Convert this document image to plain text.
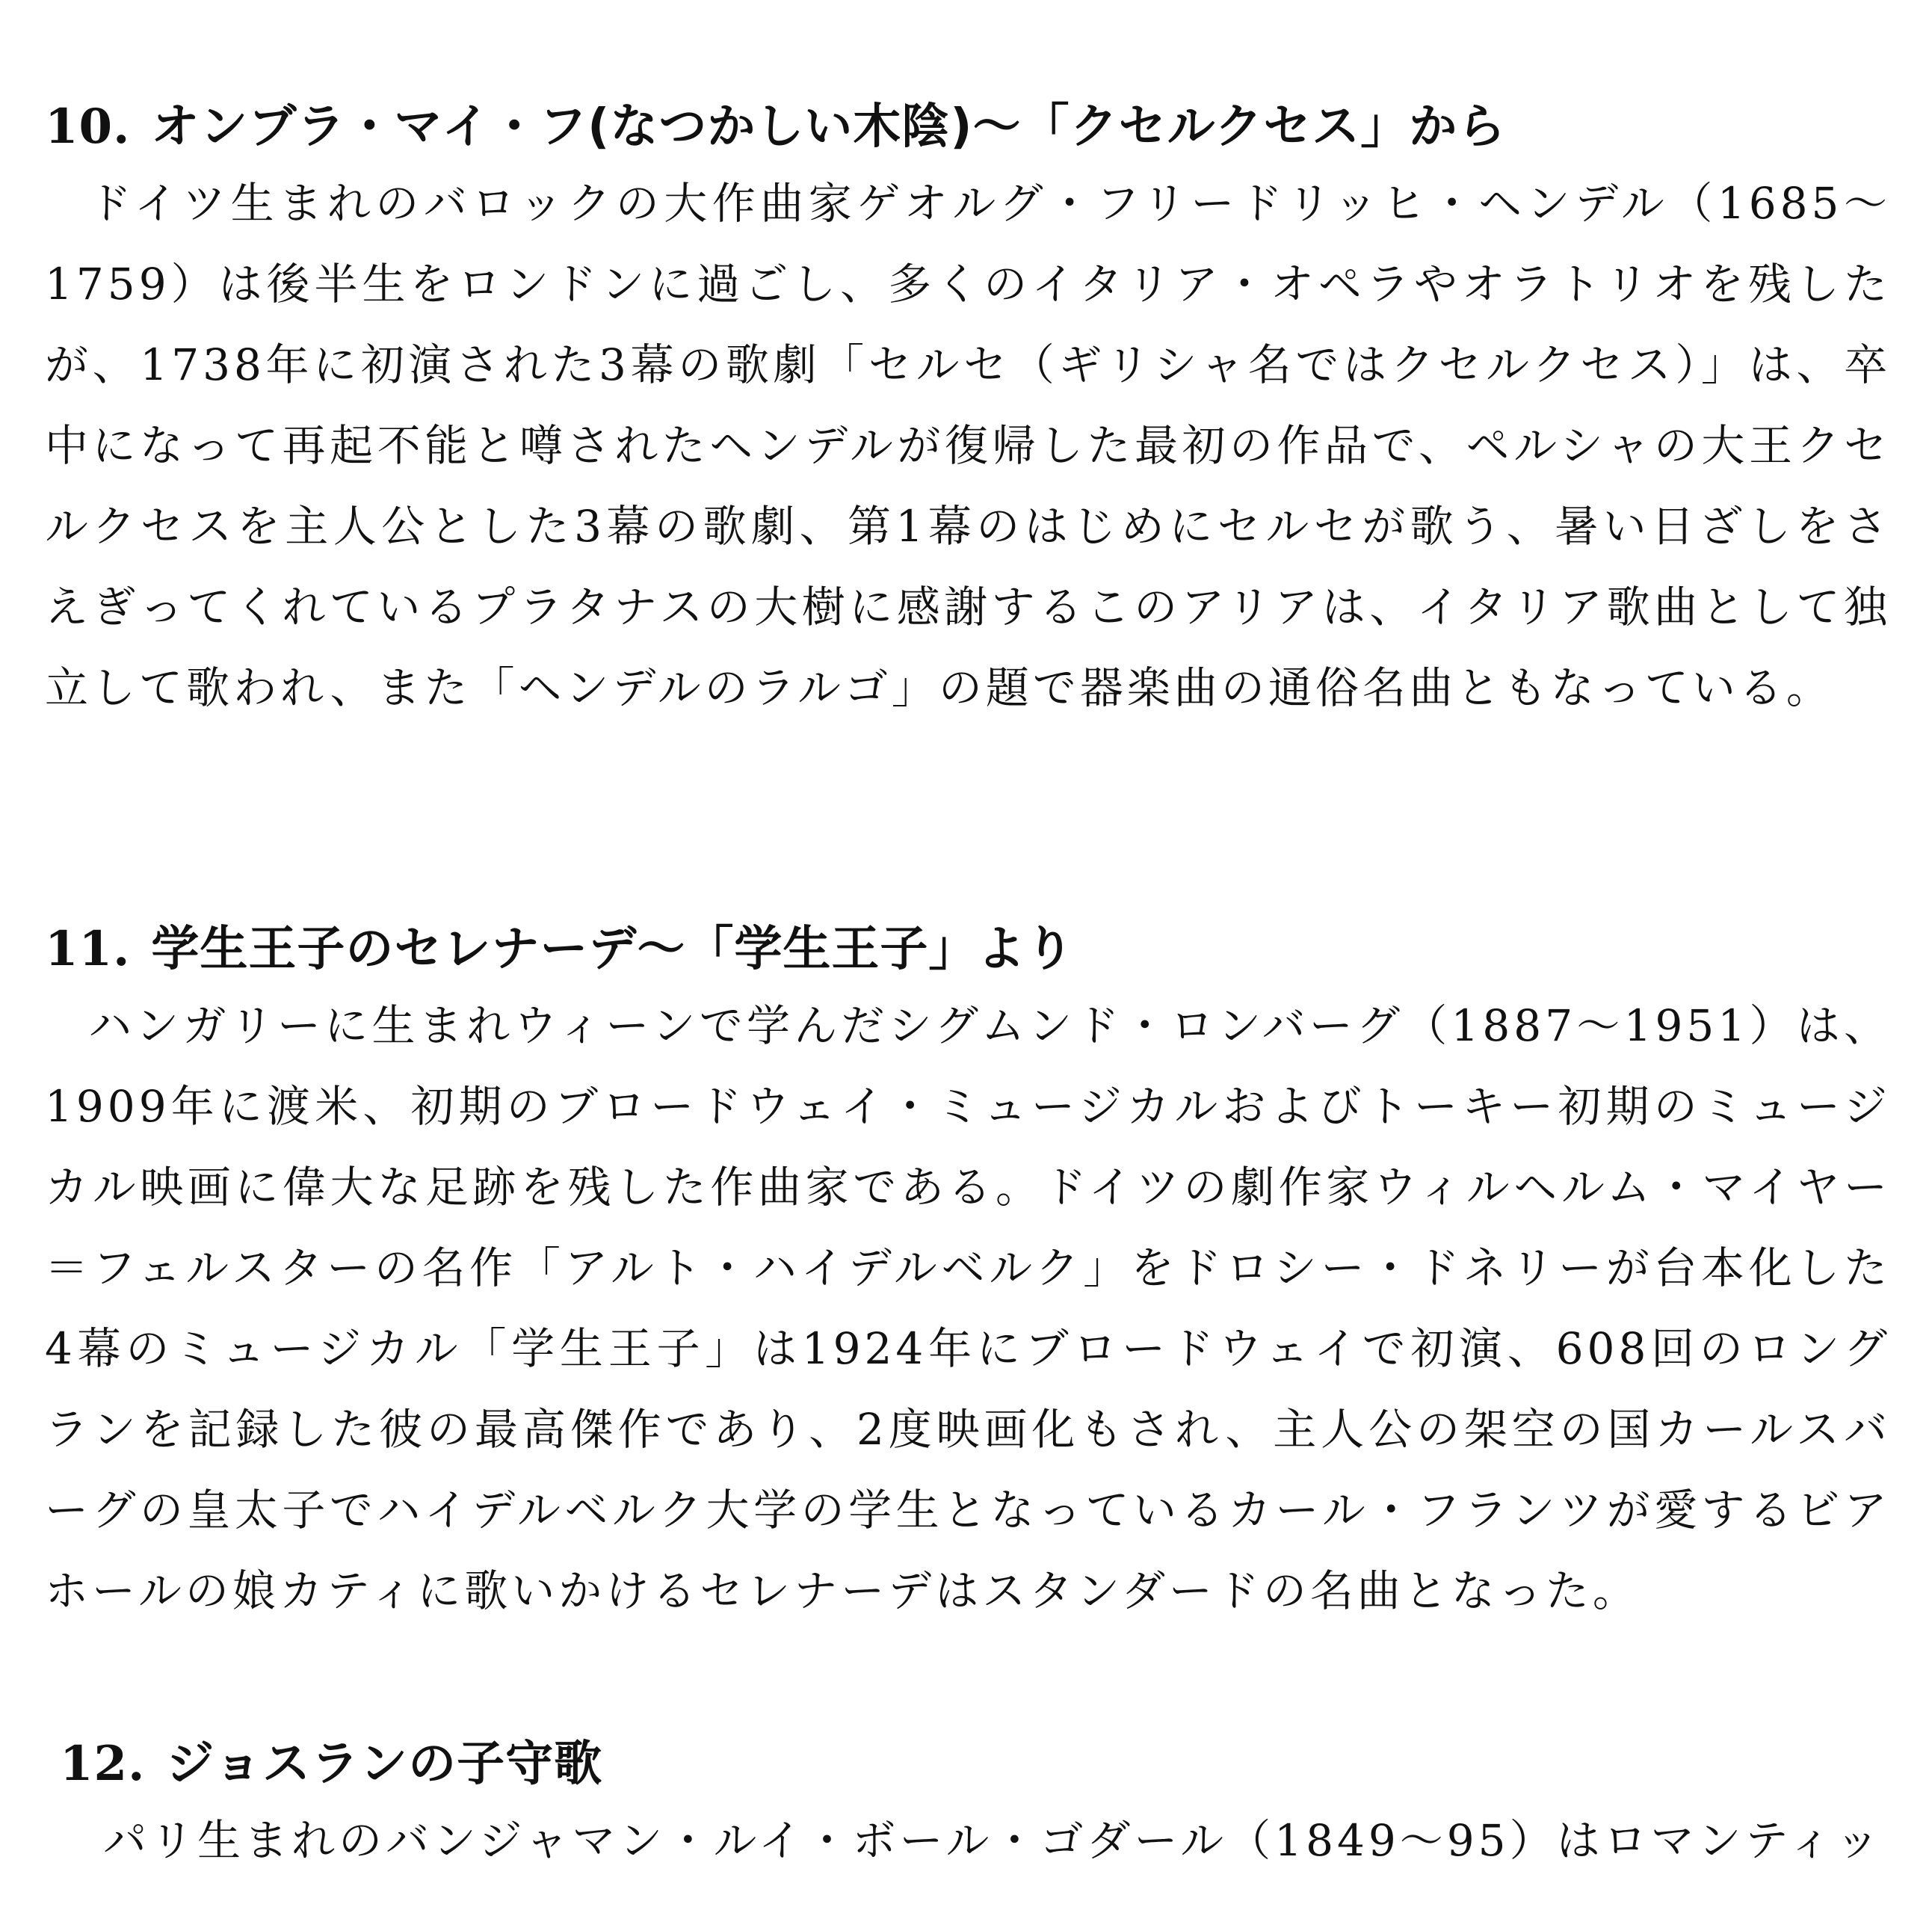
10. オンブラ・マイ・フ(なつかしい木陰)〜「クセルクセス」から

ドイツ生まれのバロックの大作曲家ゲオルグ・フリードリッヒ・ヘンデル（1685〜1759）は後半生をロンドンに過ごし、多くのイタリア・オペラやオラトリオを残したが、1738年に初演された3幕の歌劇「セルセ（ギリシャ名ではクセルクセス）」は、卒中になって再起不能と噂されたヘンデルが復帰した最初の作品で、ペルシャの大王クセルクセスを主人公とした3幕の歌劇、第1幕のはじめにセルセが歌う、暑い日ざしをさえぎってくれているプラタナスの大樹に感謝するこのアリアは、イタリア歌曲として独立して歌われ、また「ヘンデルのラルゴ」の題で器楽曲の通俗名曲ともなっている。

11. 学生王子のセレナーデ〜「学生王子」より

ハンガリーに生まれウィーンで学んだシグムンド・ロンバーグ（1887〜1951）は、1909年に渡米、初期のブロードウェイ・ミュージカルおよびトーキー初期のミュージカル映画に偉大な足跡を残した作曲家である。ドイツの劇作家ウィルヘルム・マイヤー＝フェルスターの名作「アルト・ハイデルベルク」をドロシー・ドネリーが台本化した4幕のミュージカル「学生王子」は1924年にブロードウェイで初演、608回のロングランを記録した彼の最高傑作であり、2度映画化もされ、主人公の架空の国カールスバーグの皇太子でハイデルベルク大学の学生となっているカール・フランツが愛するビアホールの娘カティに歌いかけるセレナーデはスタンダードの名曲となった。

12. ジョスランの子守歌

パリ生まれのバンジャマン・ルイ・ボール・ゴダール（1849〜95）はロマンティッ
